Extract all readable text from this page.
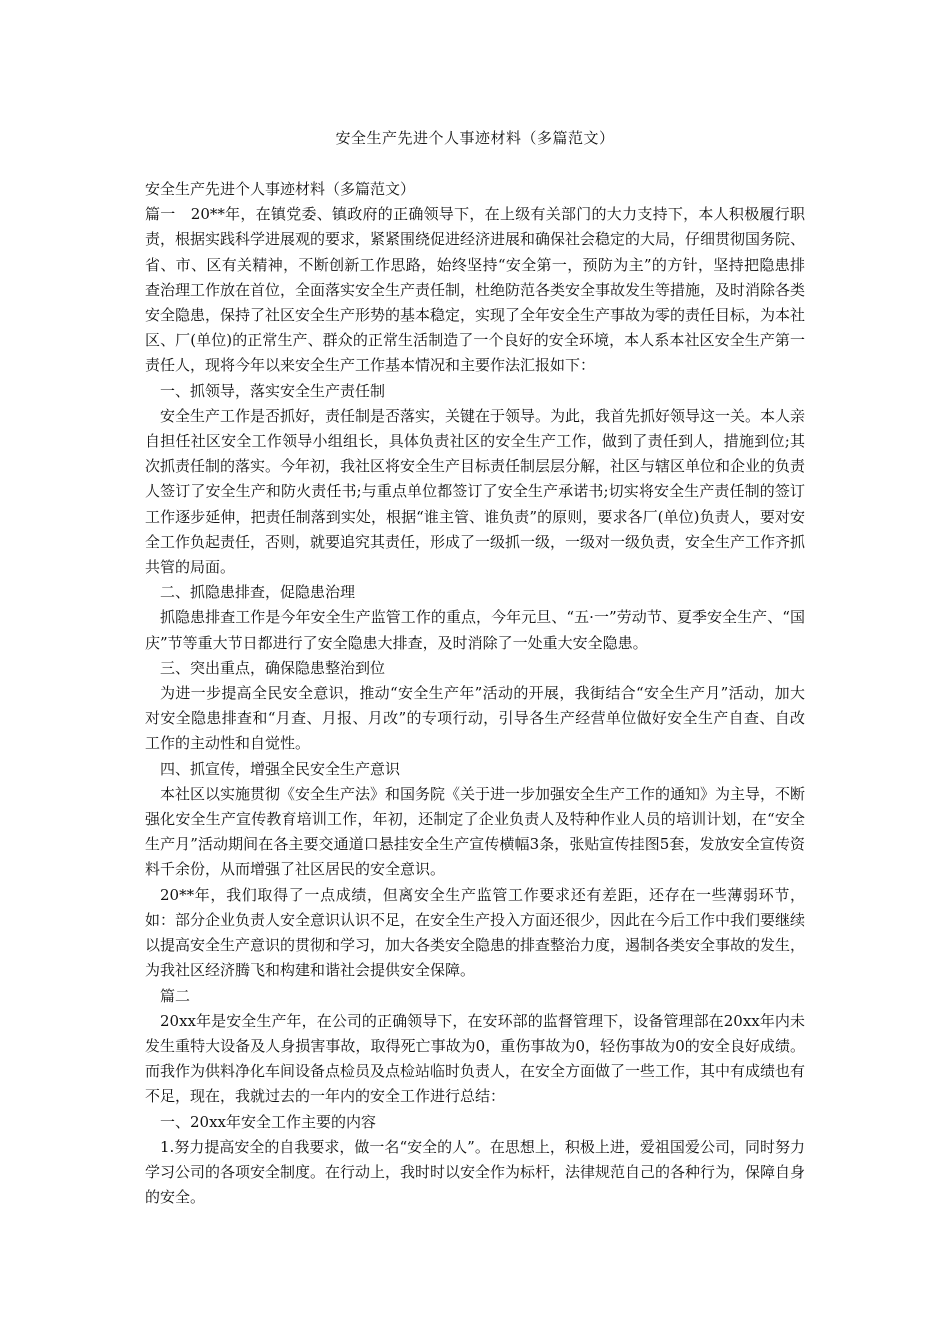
安全生产先进个人事迹材料（多篇范文）

安全生产先进个人事迹材料（多篇范文）

篇一　20**年，在镇党委、镇政府的正确领导下，在上级有关部门的大力支持下，本人积极履行职责，根据实践科学进展观的要求，紧紧围绕促进经济进展和确保社会稳定的大局，仔细贯彻国务院、省、市、区有关精神，不断创新工作思路，始终坚持“安全第一，预防为主”的方针，坚持把隐患排查治理工作放在首位，全面落实安全生产责任制，杜绝防范各类安全事故发生等措施，及时消除各类安全隐患，保持了社区安全生产形势的基本稳定，实现了全年安全生产事故为零的责任目标，为本社区、厂(单位)的正常生产、群众的正常生活制造了一个良好的安全环境，本人系本社区安全生产第一责任人，现将今年以来安全生产工作基本情况和主要作法汇报如下：

一、抓领导，落实安全生产责任制

安全生产工作是否抓好，责任制是否落实，关键在于领导。为此，我首先抓好领导这一关。本人亲自担任社区安全工作领导小组组长，具体负责社区的安全生产工作，做到了责任到人，措施到位;其次抓责任制的落实。今年初，我社区将安全生产目标责任制层层分解，社区与辖区单位和企业的负责人签订了安全生产和防火责任书;与重点单位都签订了安全生产承诺书;切实将安全生产责任制的签订工作逐步延伸，把责任制落到实处，根据“谁主管、谁负责”的原则，要求各厂(单位)负责人，要对安全工作负起责任，否则，就要追究其责任，形成了一级抓一级，一级对一级负责，安全生产工作齐抓共管的局面。

二、抓隐患排查，促隐患治理

抓隐患排查工作是今年安全生产监管工作的重点，今年元旦、“五·一”劳动节、夏季安全生产、“国庆”节等重大节日都进行了安全隐患大排查，及时消除了一处重大安全隐患。

三、突出重点，确保隐患整治到位

为进一步提高全民安全意识，推动“安全生产年”活动的开展，我街结合“安全生产月”活动，加大对安全隐患排查和“月查、月报、月改”的专项行动，引导各生产经营单位做好安全生产自查、自改工作的主动性和自觉性。

四、抓宣传，增强全民安全生产意识

本社区以实施贯彻《安全生产法》和国务院《关于进一步加强安全生产工作的通知》为主导，不断强化安全生产宣传教育培训工作，年初，还制定了企业负责人及特种作业人员的培训计划，在“安全生产月”活动期间在各主要交通道口悬挂安全生产宣传横幅3条，张贴宣传挂图5套，发放安全宣传资料千余份，从而增强了社区居民的安全意识。

20**年，我们取得了一点成绩，但离安全生产监管工作要求还有差距，还存在一些薄弱环节，如：部分企业负责人安全意识认识不足，在安全生产投入方面还很少，因此在今后工作中我们要继续以提高安全生产意识的贯彻和学习，加大各类安全隐患的排查整治力度，遏制各类安全事故的发生，为我社区经济腾飞和构建和谐社会提供安全保障。

篇二

20xx年是安全生产年，在公司的正确领导下，在安环部的监督管理下，设备管理部在20xx年内未发生重特大设备及人身损害事故，取得死亡事故为0，重伤事故为0，轻伤事故为0的安全良好成绩。而我作为供料净化车间设备点检员及点检站临时负责人，在安全方面做了一些工作，其中有成绩也有不足，现在，我就过去的一年内的安全工作进行总结：

一、20xx年安全工作主要的内容

1.努力提高安全的自我要求，做一名“安全的人”。在思想上，积极上进，爱祖国爱公司，同时努力学习公司的各项安全制度。在行动上，我时时以安全作为标杆，法律规范自己的各种行为，保障自身的安全。
